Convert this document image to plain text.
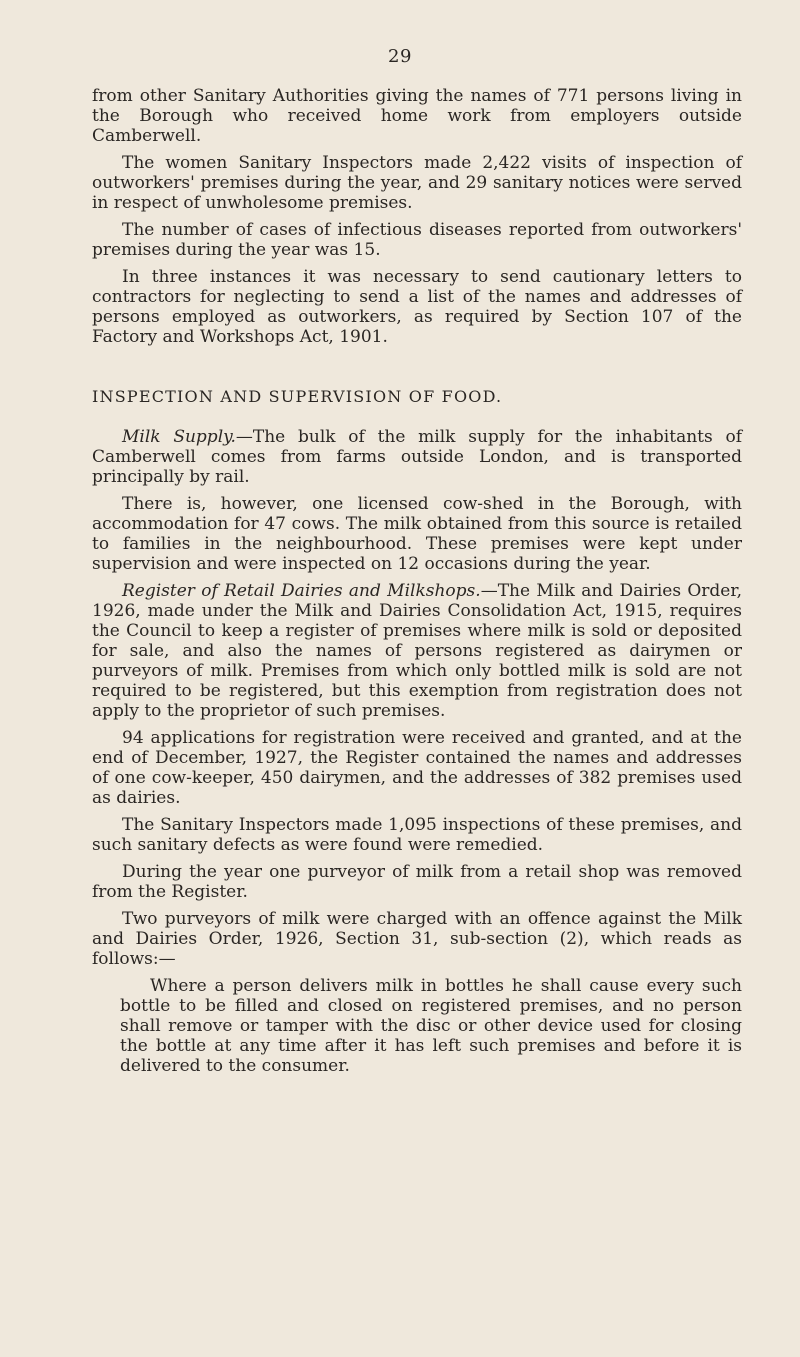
29

from other Sanitary Authorities giving the names of 771 persons living in the Borough who received home work from employers outside Camberwell.

The women Sanitary Inspectors made 2,422 visits of inspection of outworkers' premises during the year, and 29 sanitary notices were served in respect of unwholesome premises.

The number of cases of infectious diseases reported from outworkers' premises during the year was 15.

In three instances it was necessary to send cautionary letters to contractors for neglecting to send a list of the names and addresses of persons employed as outworkers, as required by Section 107 of the Factory and Workshops Act, 1901.

INSPECTION AND SUPERVISION OF FOOD.

Milk Supply.—The bulk of the milk supply for the inhabitants of Camberwell comes from farms outside London, and is transported principally by rail.

There is, however, one licensed cow-shed in the Borough, with accommodation for 47 cows. The milk obtained from this source is retailed to families in the neighbourhood. These premises were kept under supervision and were inspected on 12 occasions during the year.

Register of Retail Dairies and Milkshops.—The Milk and Dairies Order, 1926, made under the Milk and Dairies Consolidation Act, 1915, requires the Council to keep a register of premises where milk is sold or deposited for sale, and also the names of persons registered as dairymen or purveyors of milk. Premises from which only bottled milk is sold are not required to be registered, but this exemption from registration does not apply to the proprietor of such premises.

94 applications for registration were received and granted, and at the end of December, 1927, the Register contained the names and addresses of one cow-keeper, 450 dairymen, and the addresses of 382 premises used as dairies.

The Sanitary Inspectors made 1,095 inspections of these premises, and such sanitary defects as were found were remedied.

During the year one purveyor of milk from a retail shop was removed from the Register.

Two purveyors of milk were charged with an offence against the Milk and Dairies Order, 1926, Section 31, sub-section (2), which reads as follows:—

Where a person delivers milk in bottles he shall cause every such bottle to be filled and closed on registered premises, and no person shall remove or tamper with the disc or other device used for closing the bottle at any time after it has left such premises and before it is delivered to the consumer.
